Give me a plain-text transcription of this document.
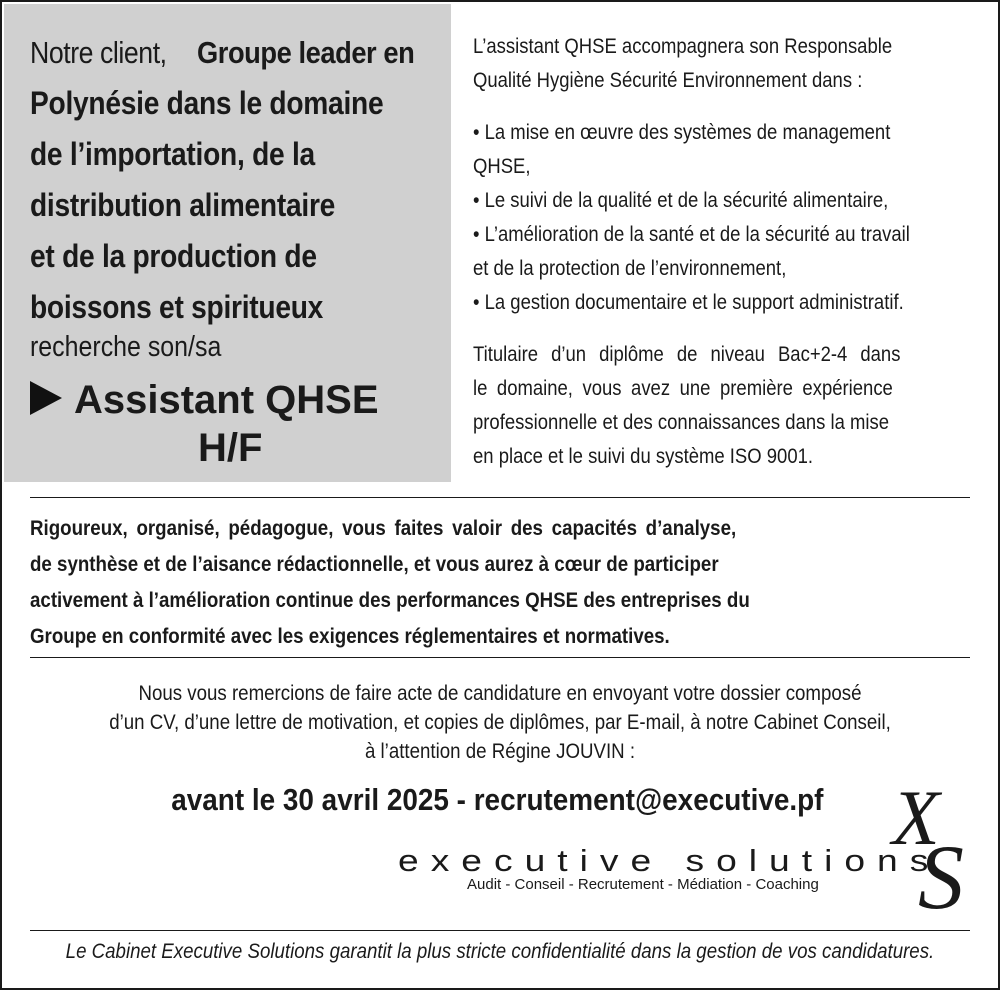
Notre client, Groupe leader en
Polynésie dans le domaine
de l’importation, de la
distribution alimentaire
et de la production de
boissons et spiritueux
recherche son/sa
Assistant QHSE
H/F
L’assistant QHSE accompagnera son Responsable
Qualité Hygiène Sécurité Environnement dans :
• La mise en œuvre des systèmes de management
QHSE,
• Le suivi de la qualité et de la sécurité alimentaire,
• L’amélioration de la santé et de la sécurité au travail
et de la protection de l’environnement,
• La gestion documentaire et le support administratif.
Titulaire d’un diplôme de niveau Bac+2-4 dans
le domaine, vous avez une première expérience
professionnelle et des connaissances dans la mise
en place et le suivi du système ISO 9001.
Rigoureux, organisé, pédagogue, vous faites valoir des capacités d’analyse,
de synthèse et de l’aisance rédactionnelle, et vous aurez à cœur de participer
activement à l’amélioration continue des performances QHSE des entreprises du
Groupe en conformité avec les exigences réglementaires et normatives.
Nous vous remercions de faire acte de candidature en envoyant votre dossier composé
d’un CV, d’une lettre de motivation, et copies de diplômes, par E-mail, à notre Cabinet Conseil,
à l’attention de Régine JOUVIN :
avant le 30 avril 2025 - recrutement@executive.pf X
S
executive solutions
Audit - Conseil - Recrutement - Médiation - Coaching
Le Cabinet Executive Solutions garantit la plus stricte confidentialité dans la gestion de vos candidatures.
